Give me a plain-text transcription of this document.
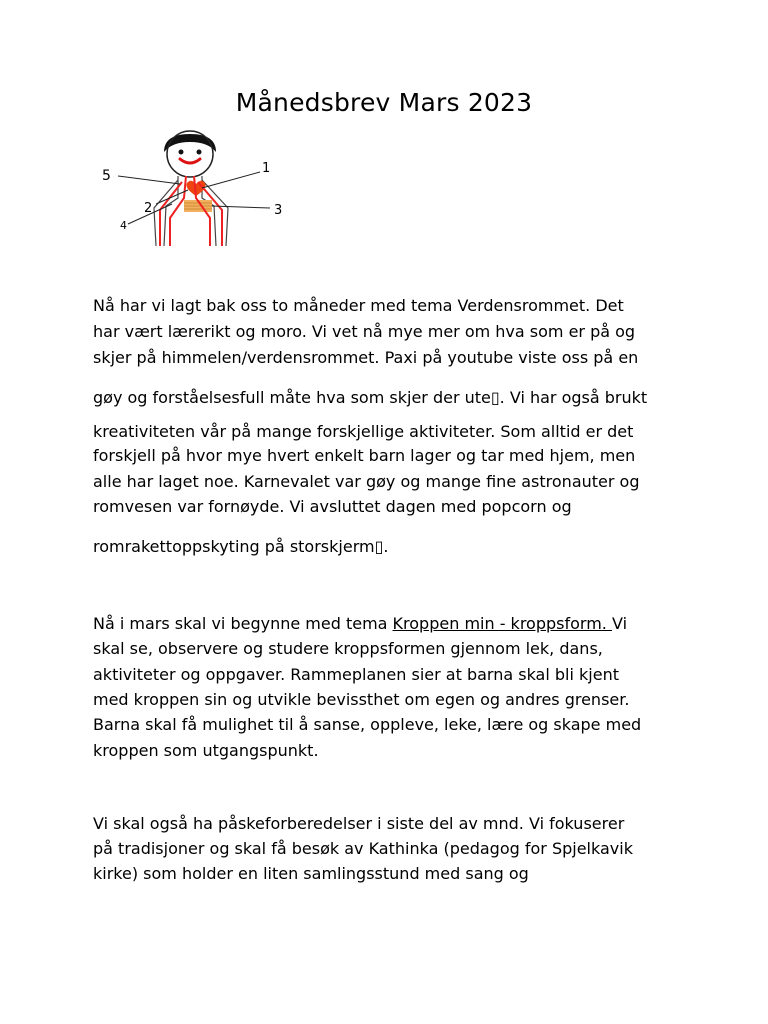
Månedsbrev Mars 2023
5	1
2	3
4
Nå har vi lagt bak oss to måneder med tema Verdensrommet. Det
har vært lærerikt og moro. Vi vet nå mye mer om hva som er på og
skjer på himmelen/verdensrommet. Paxi på youtube viste oss på en
gøy og forståelsesfull måte hva som skjer der ute▯. Vi har også brukt
kreativiteten vår på mange forskjellige aktiviteter. Som alltid er det
forskjell på hvor mye hvert enkelt barn lager og tar med hjem, men
alle har laget noe. Karnevalet var gøy og mange fine astronauter og
romvesen var fornøyde. Vi avsluttet dagen med popcorn og
romrakettoppskyting på storskjerm▯.
Nå i mars skal vi begynne med tema Kroppen min - kroppsform. Vi
skal se, observere og studere kroppsformen gjennom lek, dans,
aktiviteter og oppgaver. Rammeplanen sier at barna skal bli kjent
med kroppen sin og utvikle bevissthet om egen og andres grenser.
Barna skal få mulighet til å sanse, oppleve, leke, lære og skape med
kroppen som utgangspunkt.
Vi skal også ha påskeforberedelser i siste del av mnd. Vi fokuserer
på tradisjoner og skal få besøk av Kathinka (pedagog for Spjelkavik
kirke) som holder en liten samlingsstund med sang og
